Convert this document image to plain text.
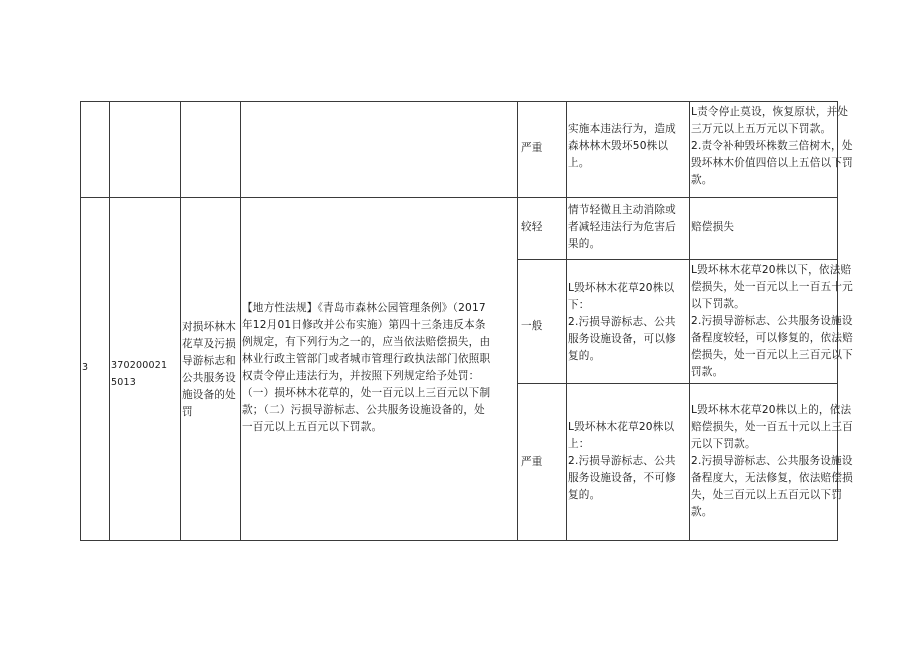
严重
实施本违法行为，造成
森林林木毁坏50株以
上。
L责令停止莫设，恢复原状，并处
三万元以上五万元以下罚款。
2.责令补种毁坏株数三倍树木，处
毁坏林木价值四倍以上五倍以下罚
款。
3 370200021
5013
对损坏林木
花草及污损
导游标志和
公共服务设
施设备的处
罚
【地方性法规】《青岛市森林公园管理条例》（2017
年12月01日修改并公布实施）第四十三条违反本条
例规定，有下列行为之一的，应当依法赔偿损失，由
林业行政主管部门或者城市管理行政执法部门依照职
权责令停止违法行为，并按照下列规定给予处罚：
（一）损坏林木花草的，处一百元以上三百元以下制
款；（二）污损导游标志、公共服务设施设备的，处
一百元以上五百元以下罚款。
较轻
情节轻微且主动消除或
者减轻违法行为危害后
果的。
赔偿损失
一般
L毁坏林木花草20株以
下：
2.污损导游标志、公共
服务设施设备，可以修
复的。
L毁坏林木花草20株以下，依法赔
偿损失，处一百元以上一百五十元
以下罚款。
2.污损导游标志、公共服务设施设
备程度较轻，可以修复的，依法赔
偿损失，处一百元以上三百元以下
罚款。
严重
L毁坏林木花草20株以
上：
2.污损导游标志、公共
服务设施设备，不可修
复的。
L毁坏林木花草20株以上的，依法
赔偿损失，处一百五十元以上三百
元以下罚款。
2.污损导游标志、公共服务设施设
备程度大，无法修复，依法赔偿损
失，处三百元以上五百元以下罚
款。
